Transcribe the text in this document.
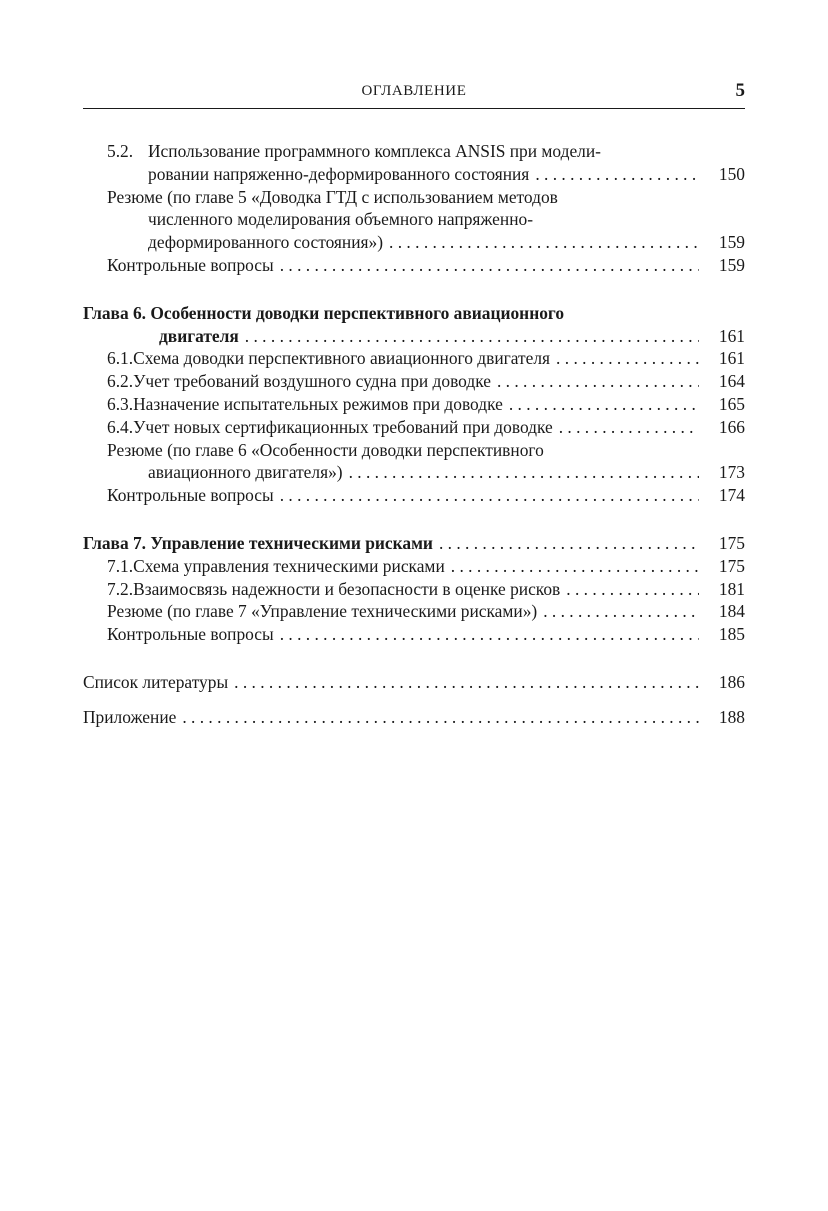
ОГЛАВЛЕНИЕ	5
5.2. Использование программного комплекса ANSIS при модели-
ровании напряженно-деформированного состояния . . .	150
Резюме (по главе 5 «Доводка ГТД с использованием методов
численного моделирования объемного напряженно-
деформированного состояния») . . .	159
Контрольные вопросы . . .	159
Глава 6. Особенности доводки перспективного авиационного
двигателя . . .	161
6.1. Схема доводки перспективного авиационного двигателя . . .	161
6.2. Учет требований воздушного судна при доводке . . .	164
6.3. Назначение испытательных режимов при доводке . . .	165
6.4. Учет новых сертификационных требований при доводке . . .	166
Резюме (по главе 6 «Особенности доводки перспективного
авиационного двигателя») . . .	173
Контрольные вопросы . . .	174
Глава 7. Управление техническими рисками . . .	175
7.1. Схема управления техническими рисками . . .	175
7.2. Взаимосвязь надежности и безопасности в оценке рисков . . .	181
Резюме (по главе 7 «Управление техническими рисками») . . .	184
Контрольные вопросы . . .	185
Список литературы . . .	186
Приложение . . .	188
